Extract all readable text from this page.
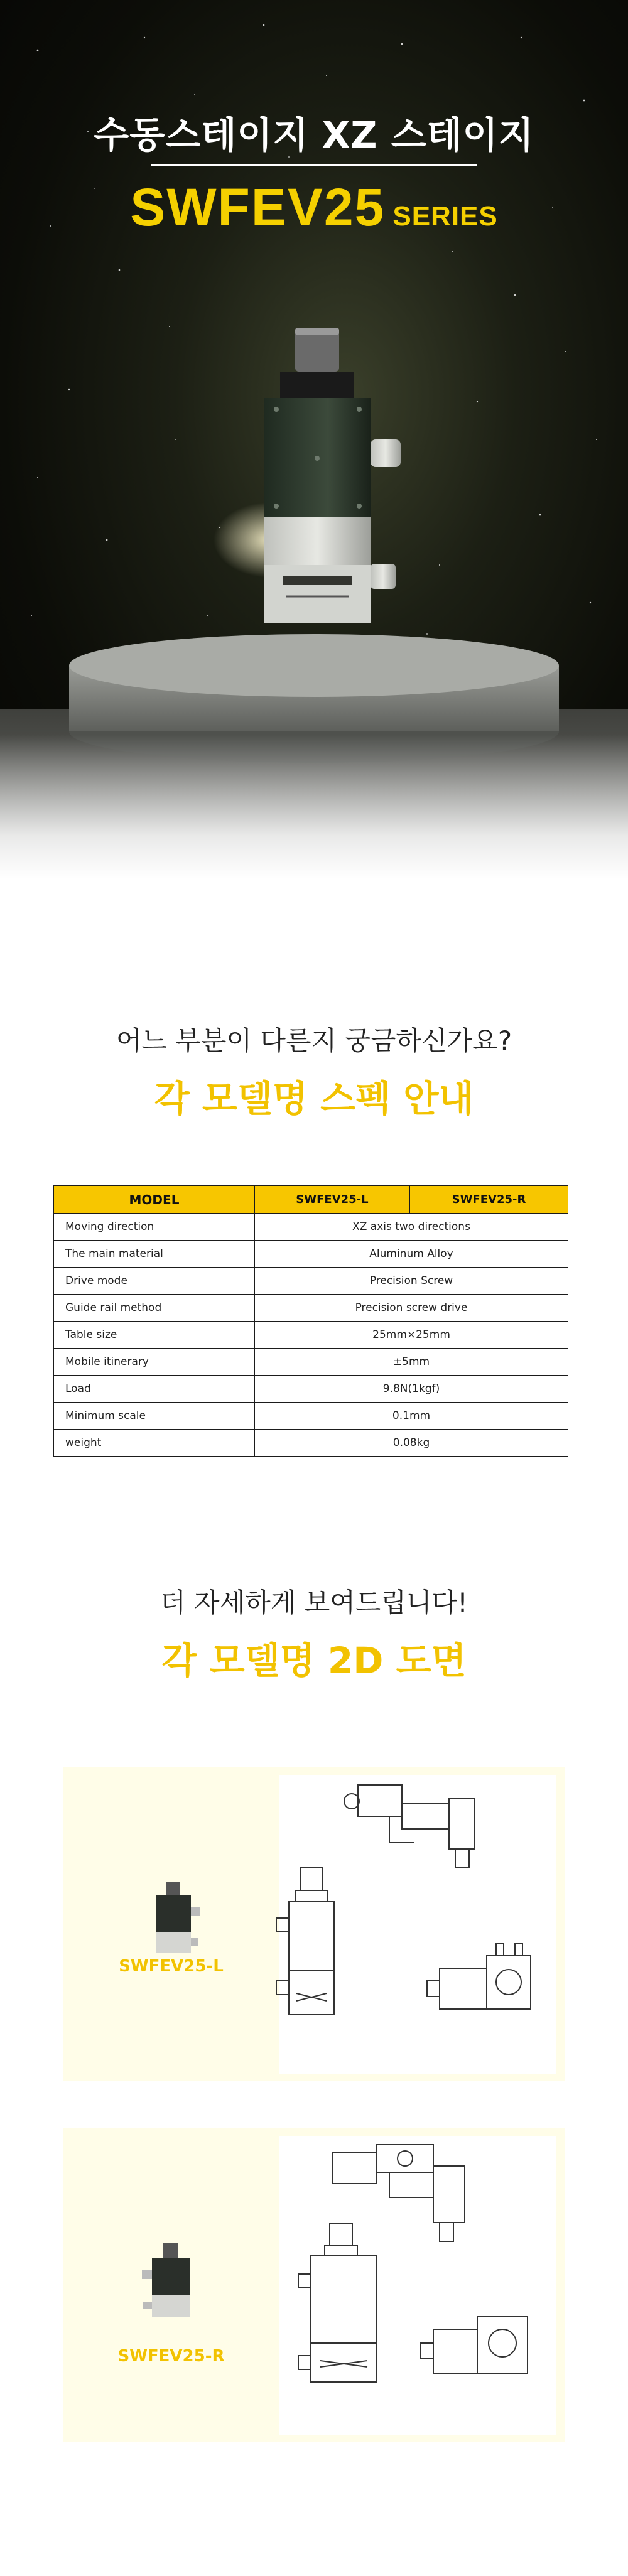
수동스테이지 XZ 스테이지
SWFEV25 SERIES
어느 부분이 다른지 궁금하신가요?
각 모델명 스펙 안내
MODEL	SWFEV25-L	SWFEV25-R
Moving direction	XZ axis two directions	
The main material	Aluminum Alloy	
Drive mode	Precision Screw	
Guide rail method	Precision screw drive	
Table size	25mm×25mm	
Mobile itinerary	±5mm	
Load	9.8N(1kgf)	
Minimum scale	0.1mm	
weight	0.08kg	
더 자세하게 보여드립니다!
각 모델명 2D 도면
SWFEV25-L
SWFEV25-R
